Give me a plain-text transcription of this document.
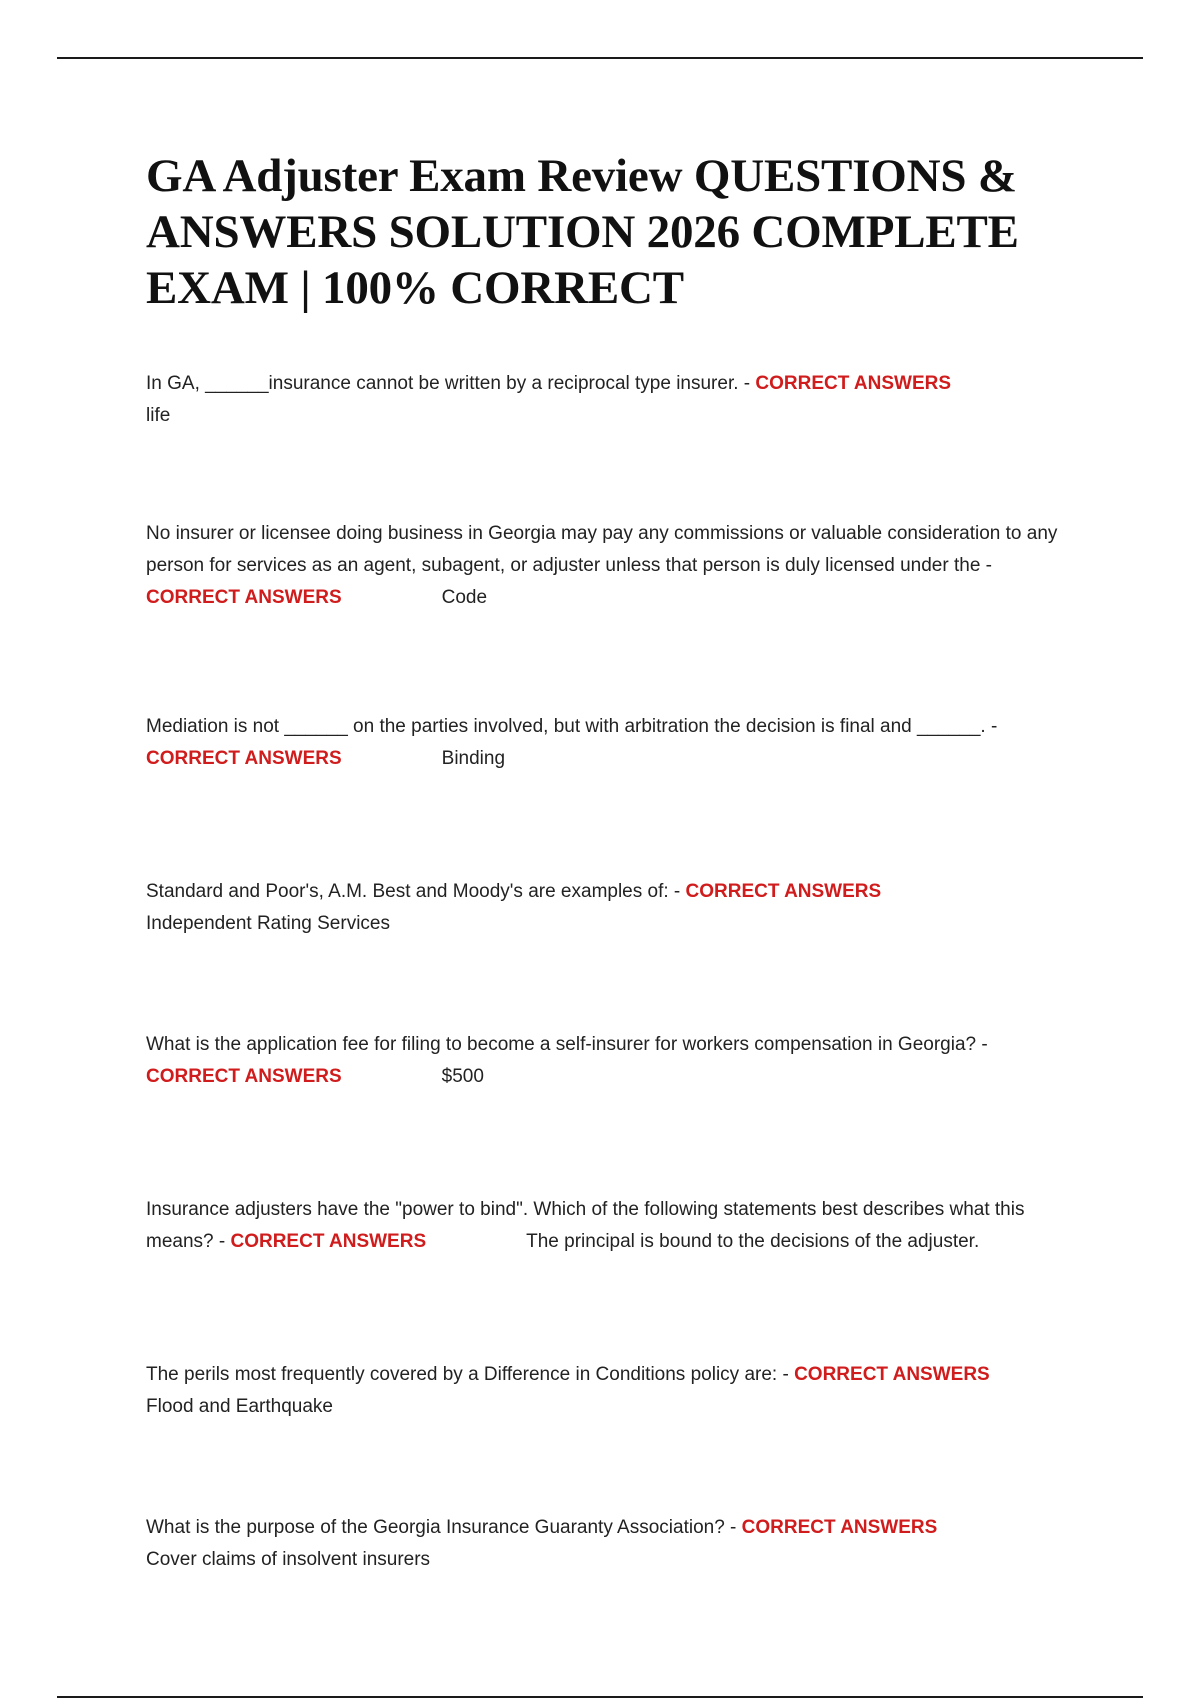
GA Adjuster Exam Review QUESTIONS & ANSWERS SOLUTION 2026 COMPLETE EXAM | 100% CORRECT
In GA, ______insurance cannot be written by a reciprocal type insurer. - CORRECT ANSWERS
life
No insurer or licensee doing business in Georgia may pay any commissions or valuable consideration to any person for services as an agent, subagent, or adjuster unless that person is duly licensed under the -
CORRECT ANSWERS	Code
Mediation is not ______ on the parties involved, but with arbitration the decision is final and ______. -
CORRECT ANSWERS	Binding
Standard and Poor's, A.M. Best and Moody's are examples of: - CORRECT ANSWERS
Independent Rating Services
What is the application fee for filing to become a self-insurer for workers compensation in Georgia? -
CORRECT ANSWERS	$500
Insurance adjusters have the "power to bind". Which of the following statements best describes what this means? - CORRECT ANSWERS	The principal is bound to the decisions of the adjuster.
The perils most frequently covered by a Difference in Conditions policy are: - CORRECT ANSWERS
Flood and Earthquake
What is the purpose of the Georgia Insurance Guaranty Association? - CORRECT ANSWERS
Cover claims of insolvent insurers
